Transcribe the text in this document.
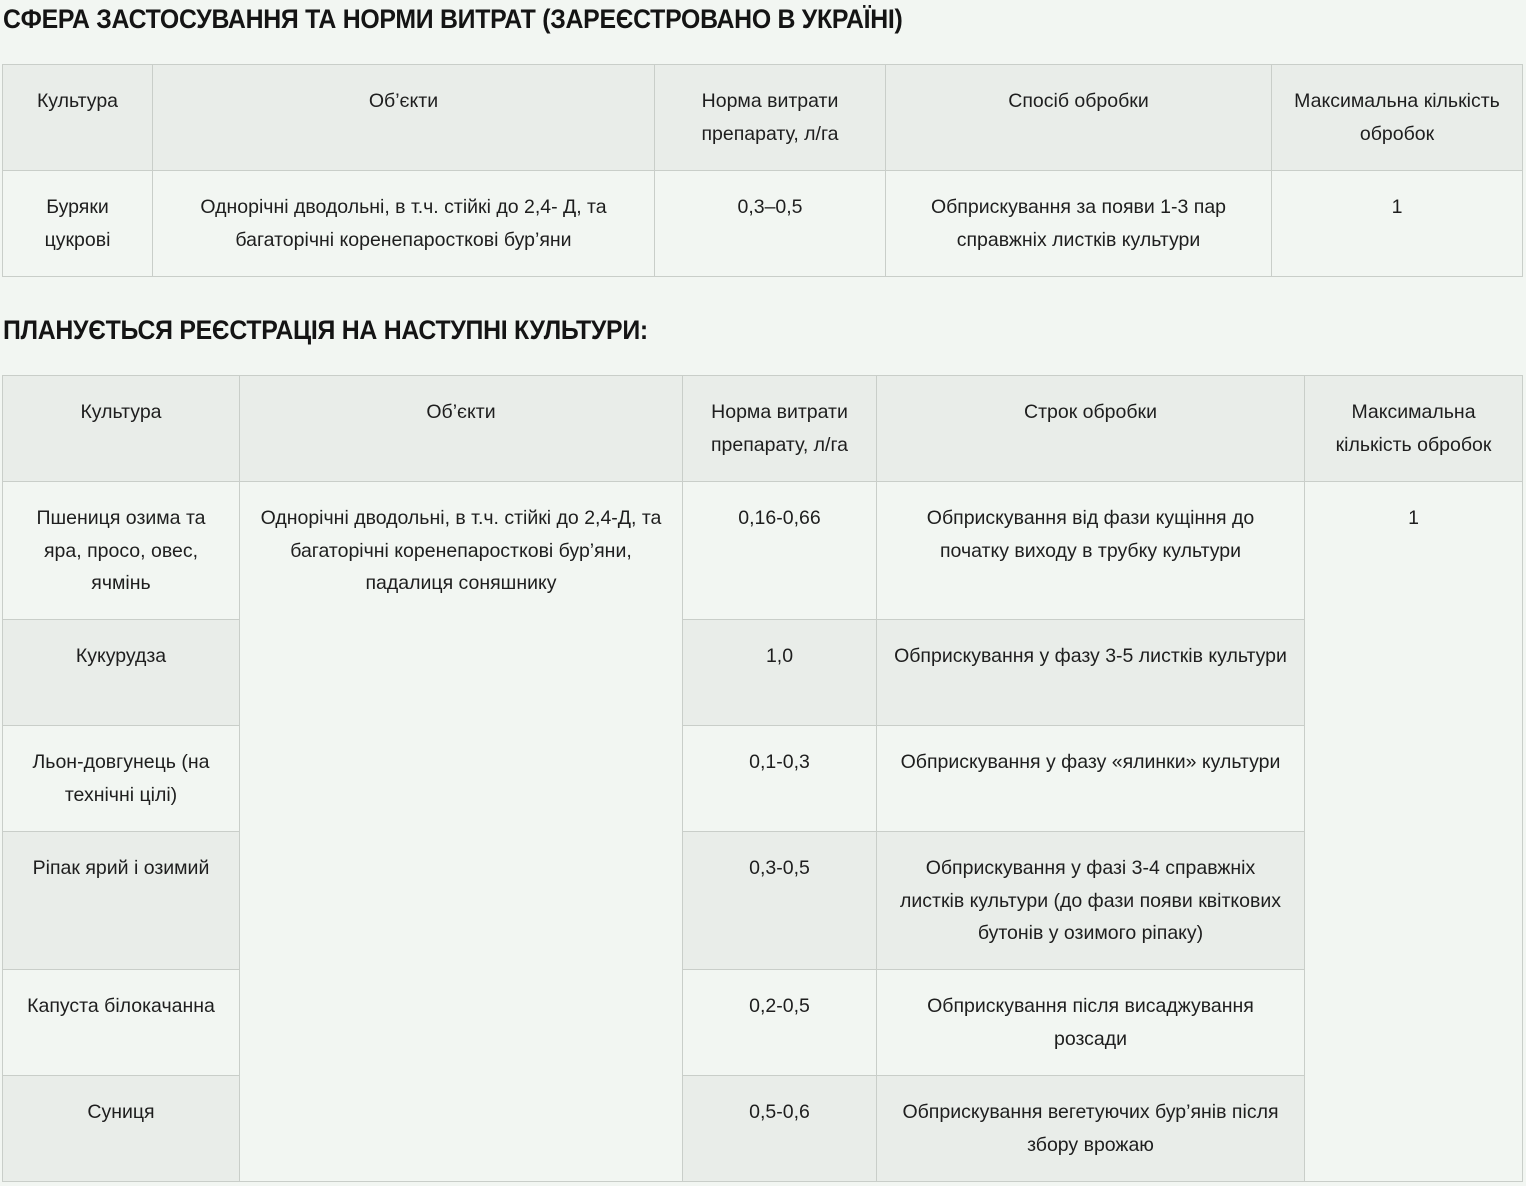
СФЕРА ЗАСТОСУВАННЯ ТА НОРМИ ВИТРАТ (ЗАРЕЄСТРОВАНО В УКРАЇНІ)
Культура	Об’єкти	Норма витрати препарату, л/га	Спосіб обробки	Максимальна кількість обробок
Буряки цукрові	Однорічні дводольні, в т.ч. стійкі до 2,4- Д, та багаторічні коренепаросткові бур’яни	0,3–0,5	Обприскування за появи 1-3 пар справжніх листків культури	1
ПЛАНУЄТЬСЯ РЕЄСТРАЦІЯ НА НАСТУПНІ КУЛЬТУРИ:
Культура	Об’єкти	Норма витрати препарату, л/га	Строк обробки	Максимальна кількість обробок
Пшениця озима та яра, просо, овес, ячмінь	Однорічні дводольні, в т.ч. стійкі до 2,4-Д, та багаторічні коренепаросткові бур’яни, падалиця соняшнику	0,16-0,66	Обприскування від фази кущіння до початку виходу в трубку культури	1
Кукурудза		1,0	Обприскування у фазу 3-5 листків культури	
Льон-довгунець (на технічні цілі)		0,1-0,3	Обприскування у фазу «ялинки» культури	
Ріпак ярий і озимий		0,3-0,5	Обприскування у фазі 3-4 справжніх листків культури (до фази появи квіткових бутонів у озимого ріпаку)	
Капуста білокачанна		0,2-0,5	Обприскування після висаджування розсади	
Суниця		0,5-0,6	Обприскування вегетуючих бур’янів після збору врожаю	
